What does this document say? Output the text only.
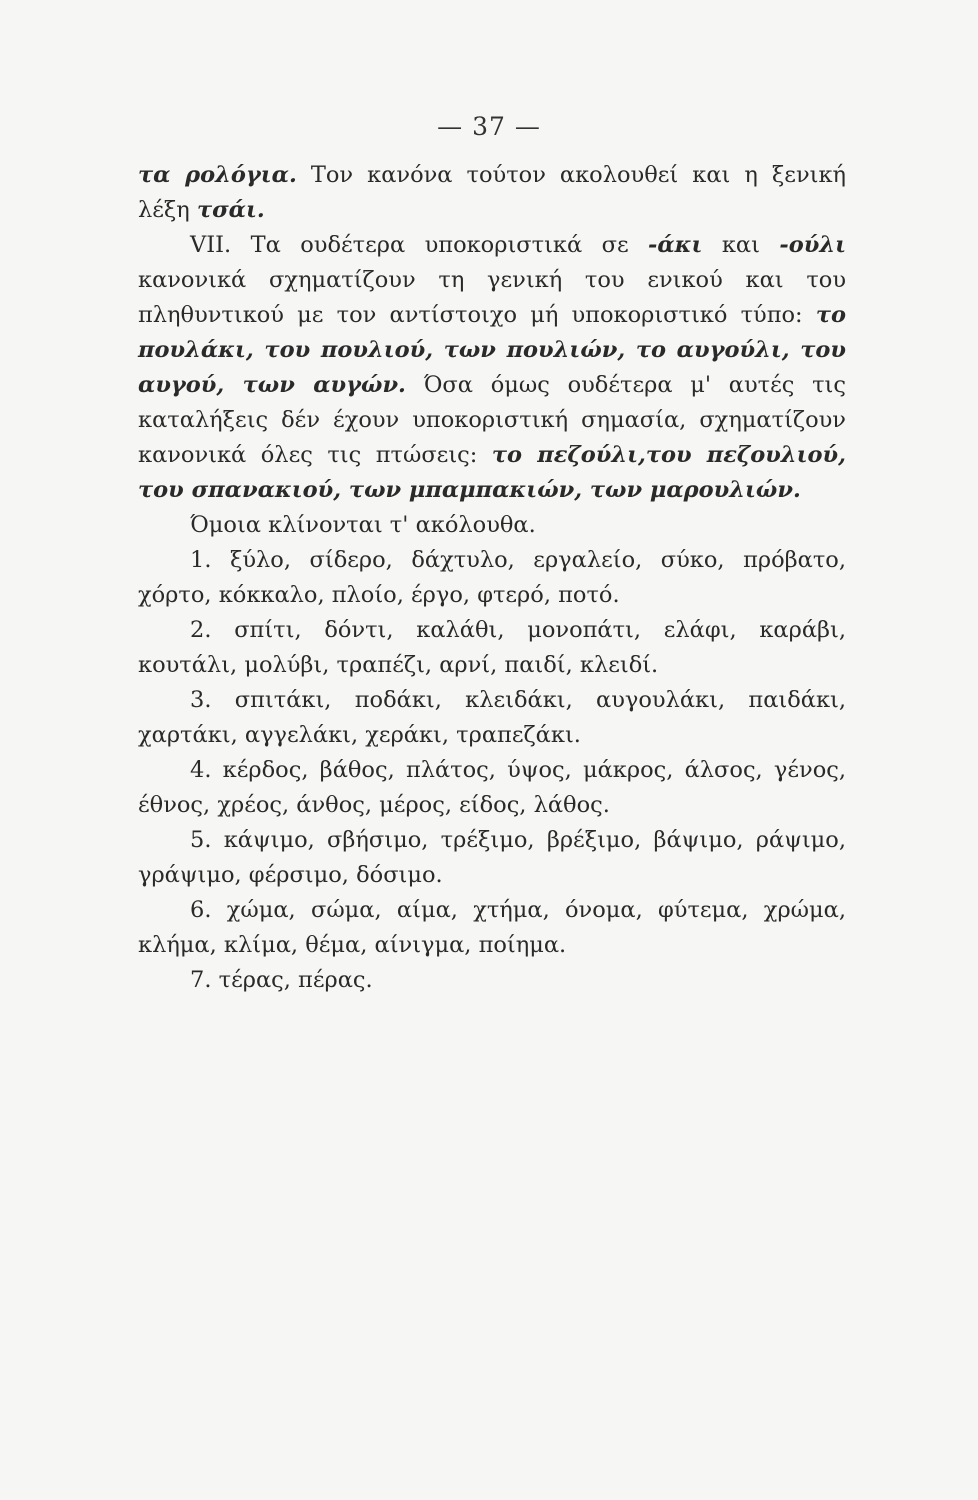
— 37 —

τα ρολόγια. Τον κανόνα τούτον ακολουθεί και η ξενική λέξη τσάι.

VII. Τα ουδέτερα υποκοριστικά σε -άκι και -ούλι κανονικά σχηματίζουν τη γενική του ενικού και του πληθυντικού με τον αντίστοιχο μή υποκοριστικό τύπο: το πουλάκι, του πουλιού, των πουλιών, το αυγούλι, του αυγού, των αυγών. Όσα όμως ουδέτερα μ' αυτές τις καταλήξεις δέν έχουν υποκοριστική σημασία, σχηματίζουν κανονικά όλες τις πτώσεις: το πεζούλι,του πεζουλιού, του σπανακιού, των μπαμπακιών, των μαρουλιών.

Όμοια κλίνονται τ' ακόλουθα.

1. ξύλο, σίδερο, δάχτυλο, εργαλείο, σύκο, πρόβατο, χόρτο, κόκκαλο, πλοίο, έργο, φτερό, ποτό.

2. σπίτι, δόντι, καλάθι, μονοπάτι, ελάφι, καράβι, κουτάλι, μολύβι, τραπέζι, αρνί, παιδί, κλειδί.

3. σπιτάκι, ποδάκι, κλειδάκι, αυγουλάκι, παιδάκι, χαρτάκι, αγγελάκι, χεράκι, τραπεζάκι.

4. κέρδος, βάθος, πλάτος, ύψος, μάκρος, άλσος, γένος, έθνος, χρέος, άνθος, μέρος, είδος, λάθος.

5. κάψιμο, σβήσιμο, τρέξιμο, βρέξιμο, βάψιμο, ράψιμο, γράψιμο, φέρσιμο, δόσιμο.

6. χώμα, σώμα, αίμα, χτήμα, όνομα, φύτεμα, χρώμα, κλήμα, κλίμα, θέμα, αίνιγμα, ποίημα.

7. τέρας, πέρας.
